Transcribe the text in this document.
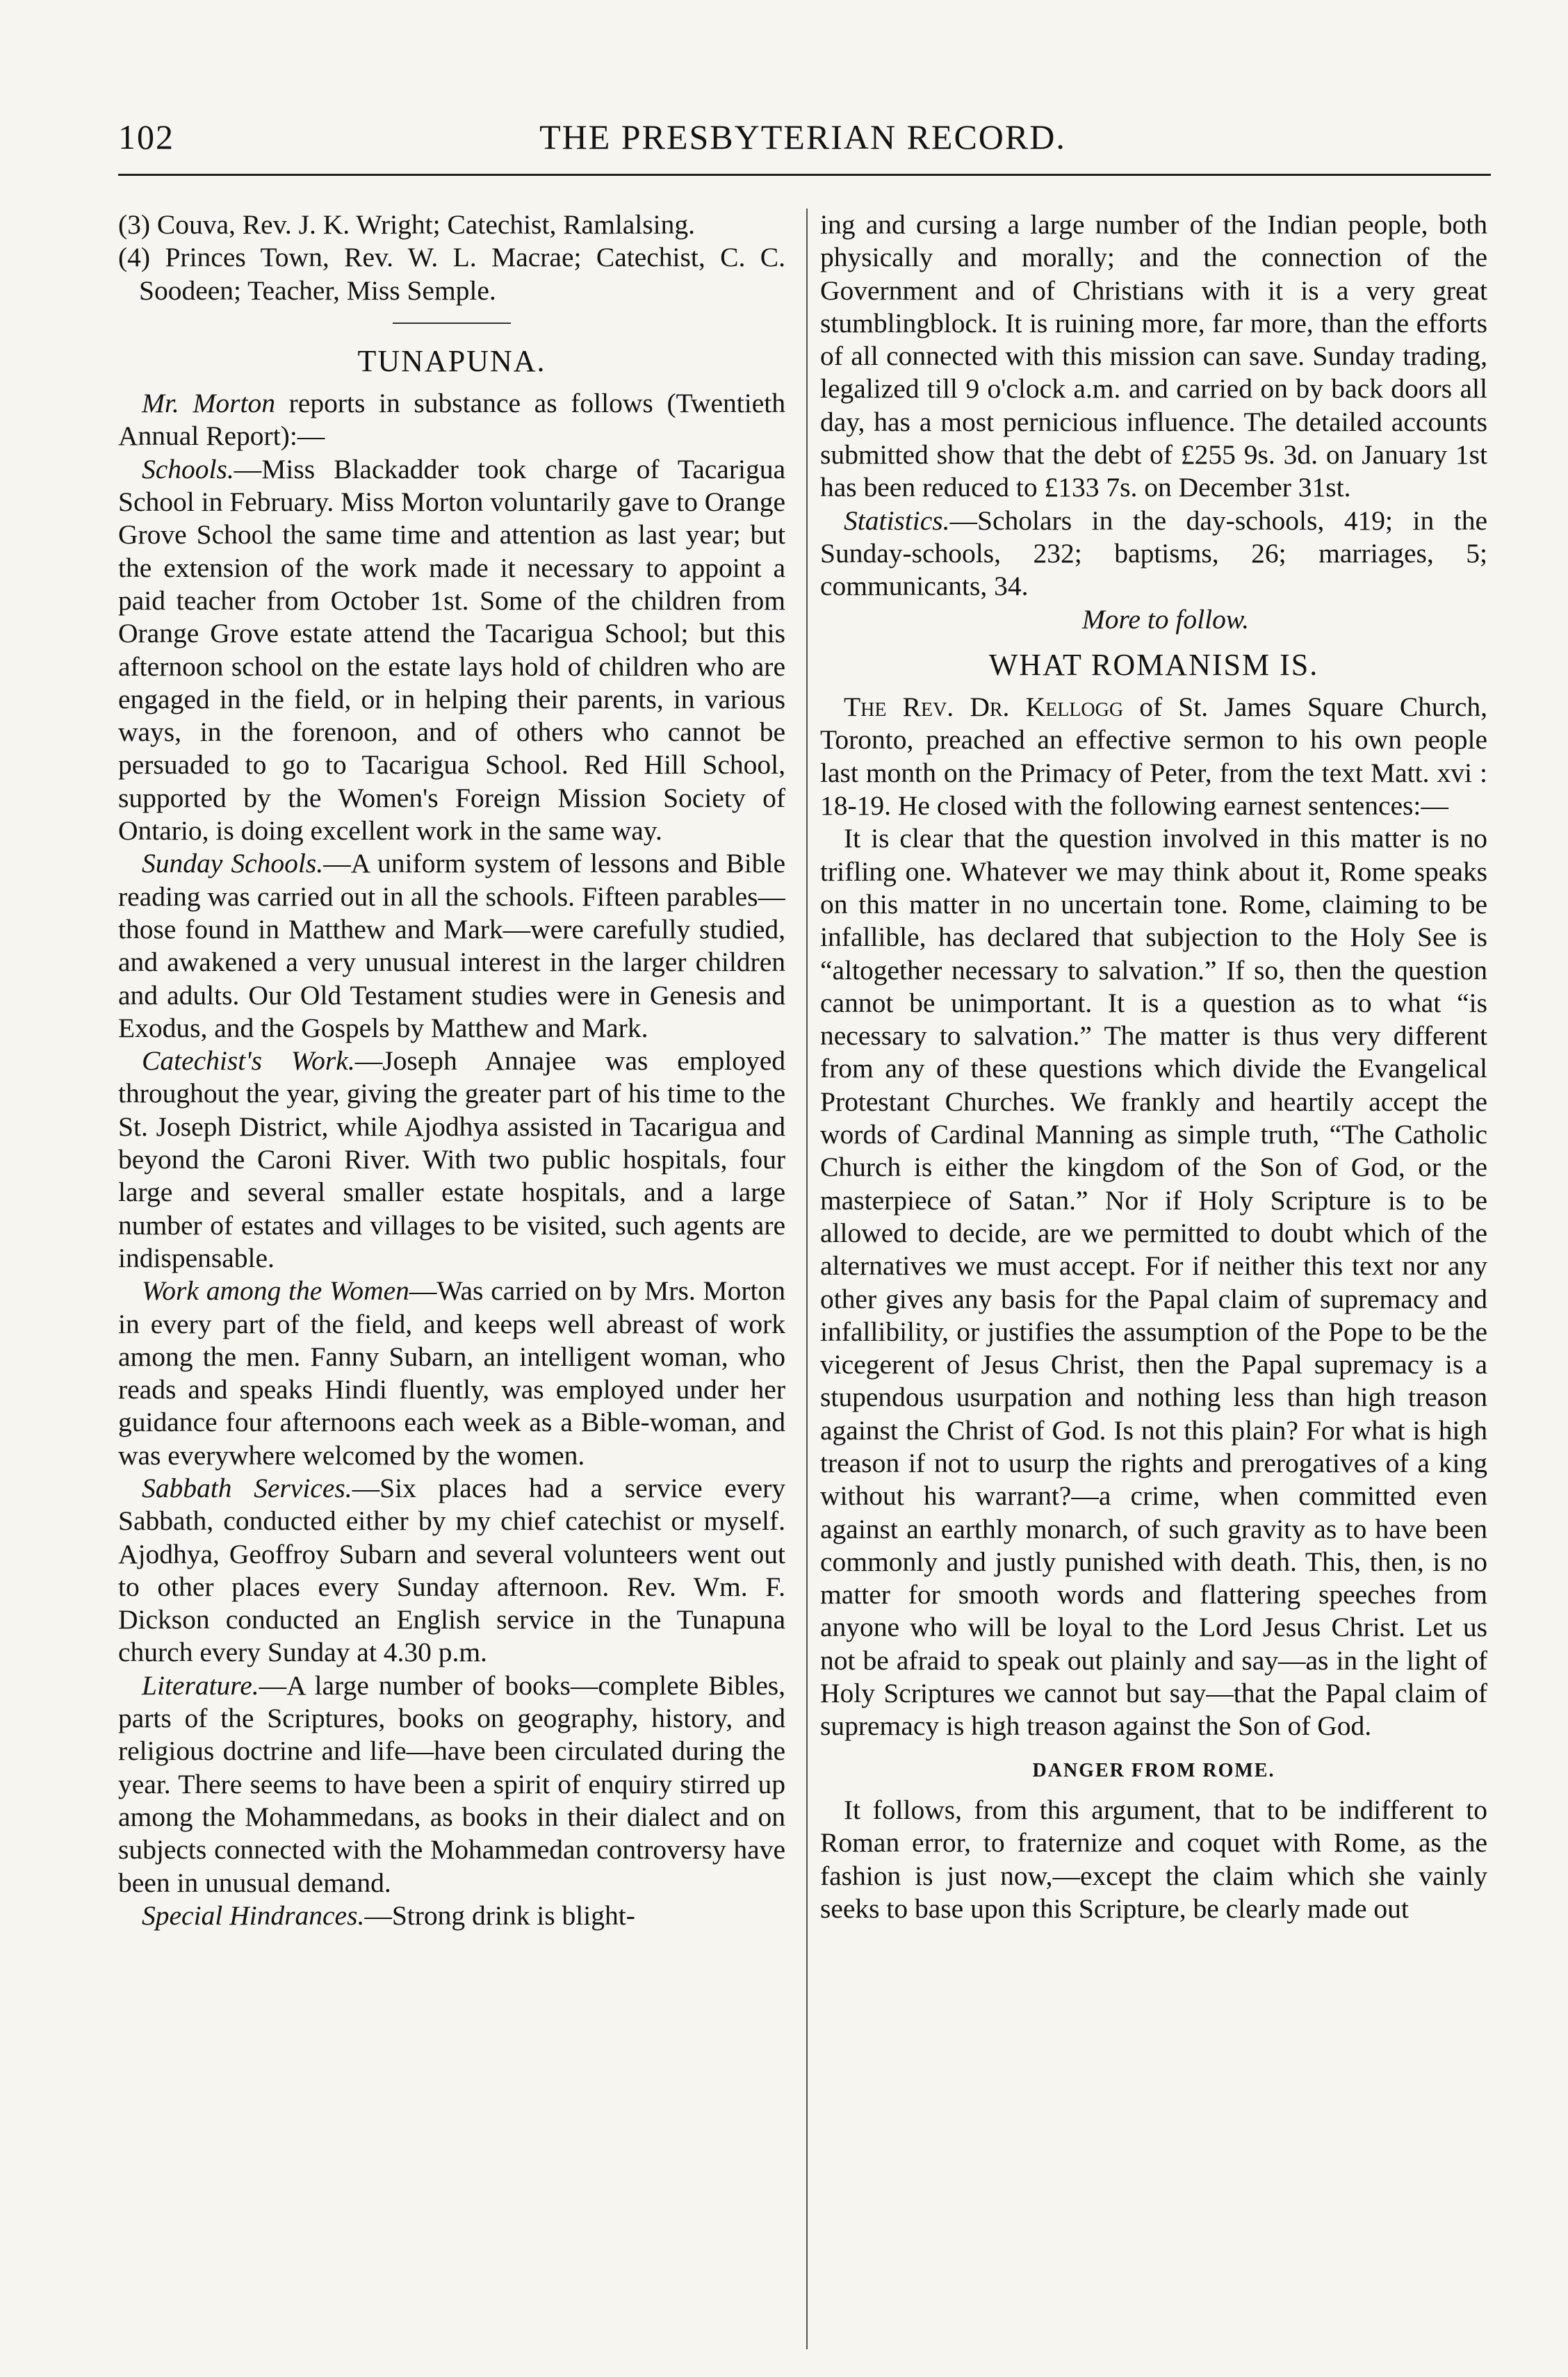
102	THE PRESBYTERIAN RECORD.

(3) Couva, Rev. J. K. Wright; Catechist, Ramlalsing.

(4) Princes Town, Rev. W. L. Macrae; Catechist, C. C. Soodeen; Teacher, Miss Semple.

TUNAPUNA.

Mr. Morton reports in substance as follows (Twentieth Annual Report):—

Schools.—Miss Blackadder took charge of Tacarigua School in February. Miss Morton voluntarily gave to Orange Grove School the same time and attention as last year; but the extension of the work made it necessary to appoint a paid teacher from October 1st. Some of the children from Orange Grove estate attend the Tacarigua School; but this afternoon school on the estate lays hold of children who are engaged in the field, or in helping their parents, in various ways, in the forenoon, and of others who cannot be persuaded to go to Tacarigua School. Red Hill School, supported by the Women's Foreign Mission Society of Ontario, is doing excellent work in the same way.

Sunday Schools.—A uniform system of lessons and Bible reading was carried out in all the schools. Fifteen parables—those found in Matthew and Mark—were carefully studied, and awakened a very unusual interest in the larger children and adults. Our Old Testament studies were in Genesis and Exodus, and the Gospels by Matthew and Mark.

Catechist's Work.—Joseph Annajee was employed throughout the year, giving the greater part of his time to the St. Joseph District, while Ajodhya assisted in Tacarigua and beyond the Caroni River. With two public hospitals, four large and several smaller estate hospitals, and a large number of estates and villages to be visited, such agents are indispensable.

Work among the Women—Was carried on by Mrs. Morton in every part of the field, and keeps well abreast of work among the men. Fanny Subarn, an intelligent woman, who reads and speaks Hindi fluently, was employed under her guidance four afternoons each week as a Bible-woman, and was everywhere welcomed by the women.

Sabbath Services.—Six places had a service every Sabbath, conducted either by my chief catechist or myself. Ajodhya, Geoffroy Subarn and several volunteers went out to other places every Sunday afternoon. Rev. Wm. F. Dickson conducted an English service in the Tunapuna church every Sunday at 4.30 p.m.

Literature.—A large number of books—complete Bibles, parts of the Scriptures, books on geography, history, and religious doctrine and life—have been circulated during the year. There seems to have been a spirit of enquiry stirred up among the Mohammedans, as books in their dialect and on subjects connected with the Mohammedan controversy have been in unusual demand.

Special Hindrances.—Strong drink is blight-

ing and cursing a large number of the Indian people, both physically and morally; and the connection of the Government and of Christians with it is a very great stumblingblock. It is ruining more, far more, than the efforts of all connected with this mission can save. Sunday trading, legalized till 9 o'clock a.m. and carried on by back doors all day, has a most pernicious influence. The detailed accounts submitted show that the debt of £255 9s. 3d. on January 1st has been reduced to £133 7s. on December 31st.

Statistics.—Scholars in the day-schools, 419; in the Sunday-schools, 232; baptisms, 26; marriages, 5; communicants, 34.

More to follow.

WHAT ROMANISM IS.

The Rev. Dr. Kellogg of St. James Square Church, Toronto, preached an effective sermon to his own people last month on the Primacy of Peter, from the text Matt. xvi : 18-19. He closed with the following earnest sentences:—

It is clear that the question involved in this matter is no trifling one. Whatever we may think about it, Rome speaks on this matter in no uncertain tone. Rome, claiming to be infallible, has declared that subjection to the Holy See is “altogether necessary to salvation.” If so, then the question cannot be unimportant. It is a question as to what “is necessary to salvation.” The matter is thus very different from any of these questions which divide the Evangelical Protestant Churches. We frankly and heartily accept the words of Cardinal Manning as simple truth, “The Catholic Church is either the kingdom of the Son of God, or the masterpiece of Satan.” Nor if Holy Scripture is to be allowed to decide, are we permitted to doubt which of the alternatives we must accept. For if neither this text nor any other gives any basis for the Papal claim of supremacy and infallibility, or justifies the assumption of the Pope to be the vicegerent of Jesus Christ, then the Papal supremacy is a stupendous usurpation and nothing less than high treason against the Christ of God. Is not this plain? For what is high treason if not to usurp the rights and prerogatives of a king without his warrant?—a crime, when committed even against an earthly monarch, of such gravity as to have been commonly and justly punished with death. This, then, is no matter for smooth words and flattering speeches from anyone who will be loyal to the Lord Jesus Christ. Let us not be afraid to speak out plainly and say—as in the light of Holy Scriptures we cannot but say—that the Papal claim of supremacy is high treason against the Son of God.

DANGER FROM ROME.

It follows, from this argument, that to be indifferent to Roman error, to fraternize and coquet with Rome, as the fashion is just now,—except the claim which she vainly seeks to base upon this Scripture, be clearly made out
